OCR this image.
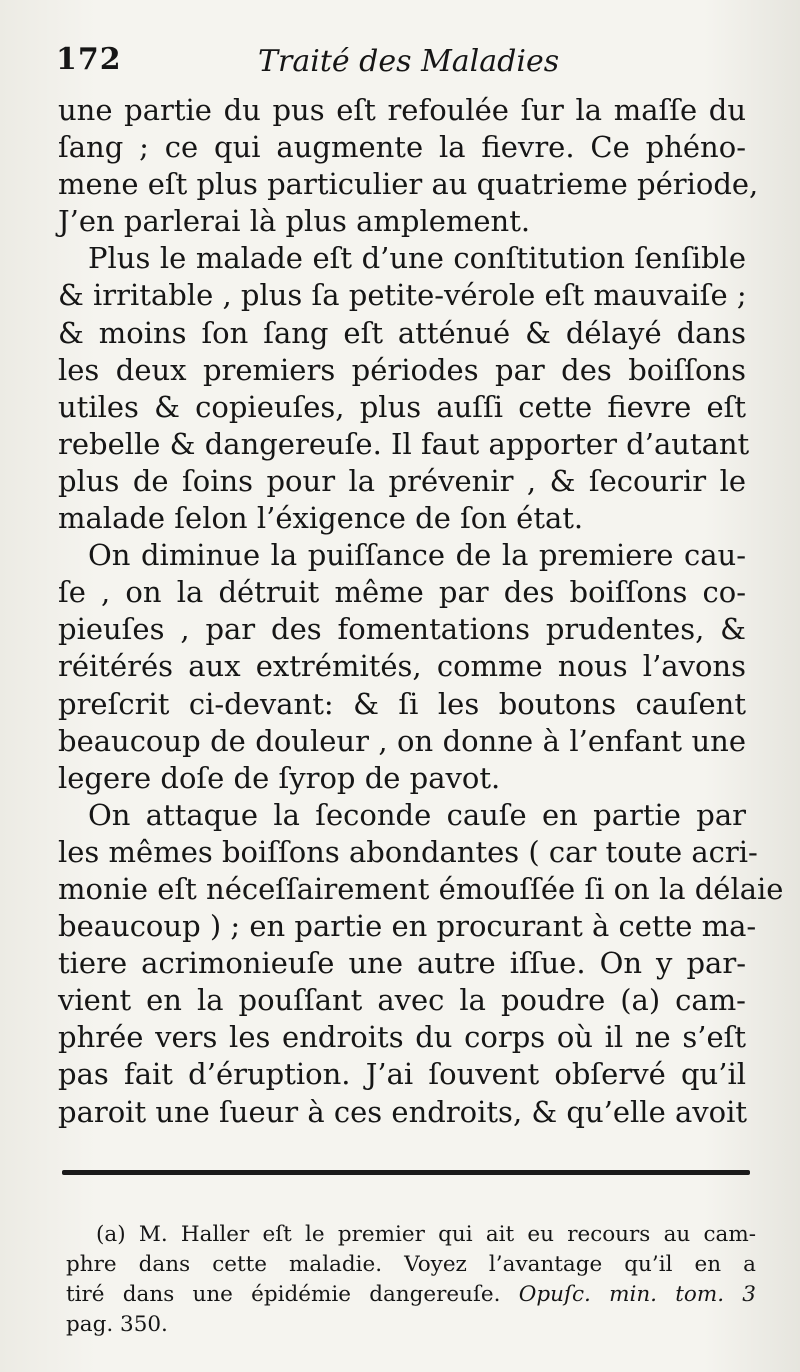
172	Traité des Maladies
une partie du pus eſt refoulée ſur la maſſe du
ſang ; ce qui augmente la fievre. Ce phéno-
mene eſt plus particulier au quatrieme période,
J’en parlerai là plus amplement.
Plus le malade eſt d’une conſtitution ſenſible
& irritable , plus ſa petite-vérole eſt mauvaiſe ;
& moins ſon ſang eſt atténué & délayé dans
les deux premiers périodes par des boiſſons
utiles & copieuſes, plus auſſi cette fievre eſt
rebelle & dangereuſe. Il faut apporter d’autant
plus de ſoins pour la prévenir , & ſecourir le
malade ſelon l’éxigence de ſon état.
On diminue la puiſſance de la premiere cau-
ſe , on la détruit même par des boiſſons co-
pieuſes , par des fomentations prudentes, &
réitérés aux extrémités, comme nous l’avons
preſcrit ci-devant: & ſi les boutons cauſent
beaucoup de douleur , on donne à l’enfant une
legere doſe de ſyrop de pavot.
On attaque la ſeconde cauſe en partie par
les mêmes boiſſons abondantes ( car toute acri-
monie eſt néceſſairement émouſſée ſi on la délaie
beaucoup ) ; en partie en procurant à cette ma-
tiere acrimonieuſe une autre iſſue. On y par-
vient en la pouſſant avec la poudre (a) cam-
phrée vers les endroits du corps où il ne s’eſt
pas fait d’éruption. J’ai ſouvent obſervé qu’il
paroit une ſueur à ces endroits, & qu’elle avoit
(a) M. Haller eſt le premier qui ait eu recours au cam-
phre dans cette maladie. Voyez l’avantage qu’il en a
tiré dans une épidémie dangereuſe. Opuſc. min. tom. 3
pag. 350.
